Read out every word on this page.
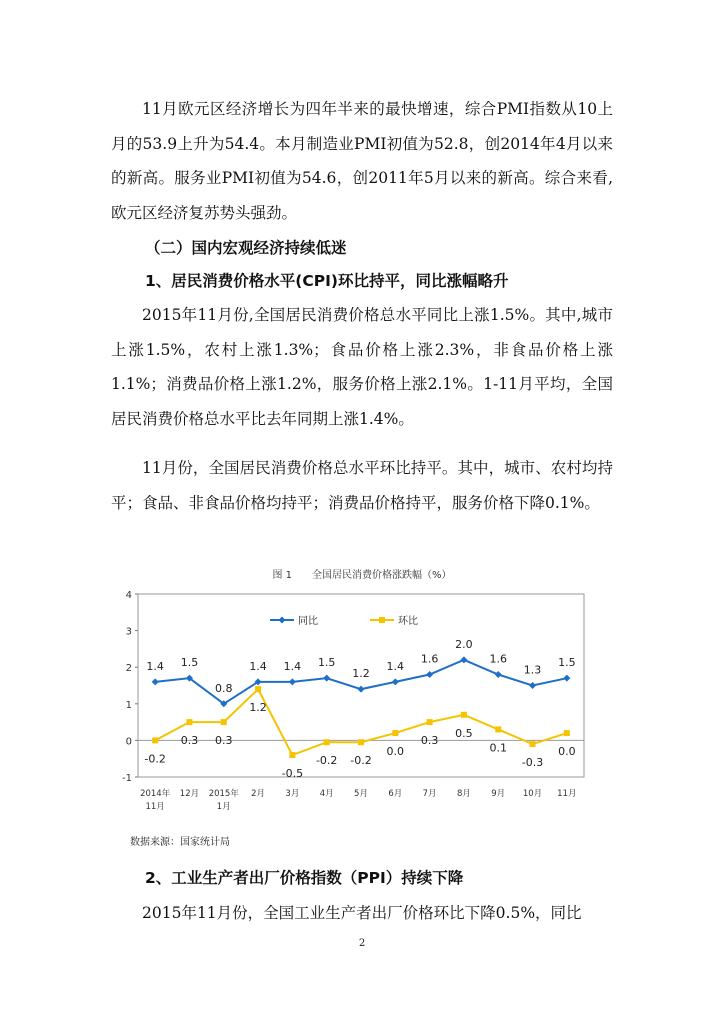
11月欧元区经济增长为四年半来的最快增速，综合PMI指数从10上月的53.9上升为54.4。本月制造业PMI初值为52.8，创2014年4月以来的新高。服务业PMI初值为54.6，创2011年5月以来的新高。综合来看,欧元区经济复苏势头强劲。

（二）国内宏观经济持续低迷

1、居民消费价格水平(CPI)环比持平，同比涨幅略升

2015年11月份,全国居民消费价格总水平同比上涨1.5%。其中,城市上涨1.5%，农村上涨1.3%；食品价格上涨2.3%，非食品价格上涨1.1%；消费品价格上涨1.2%，服务价格上涨2.1%。1-11月平均，全国居民消费价格总水平比去年同期上涨1.4%。

11月份，全国居民消费价格总水平环比持平。其中，城市、农村均持平；食品、非食品价格均持平；消费品价格持平，服务价格下降0.1%。

图 1　　全国居民消费价格涨跌幅（%）
4
3
2
1
0
-1
2014年
11月
12月 2015年
1月
2月 3月 4月 5月 6月 7月 8月 9月 10月 11月
1.4 1.5
0.8
1.4 1.4 1.5
1.2
1.4
1.6
2.0
1.6
1.3
1.5
-0.2
0.3 0.3
1.2
-0.5
-0.2 -0.2
0.0
0.3
0.5
0.1
-0.3
0.0
同比	环比
数据来源：国家统计局

2、工业生产者出厂价格指数（PPI）持续下降

2015年11月份，全国工业生产者出厂价格环比下降0.5%，同比

2
